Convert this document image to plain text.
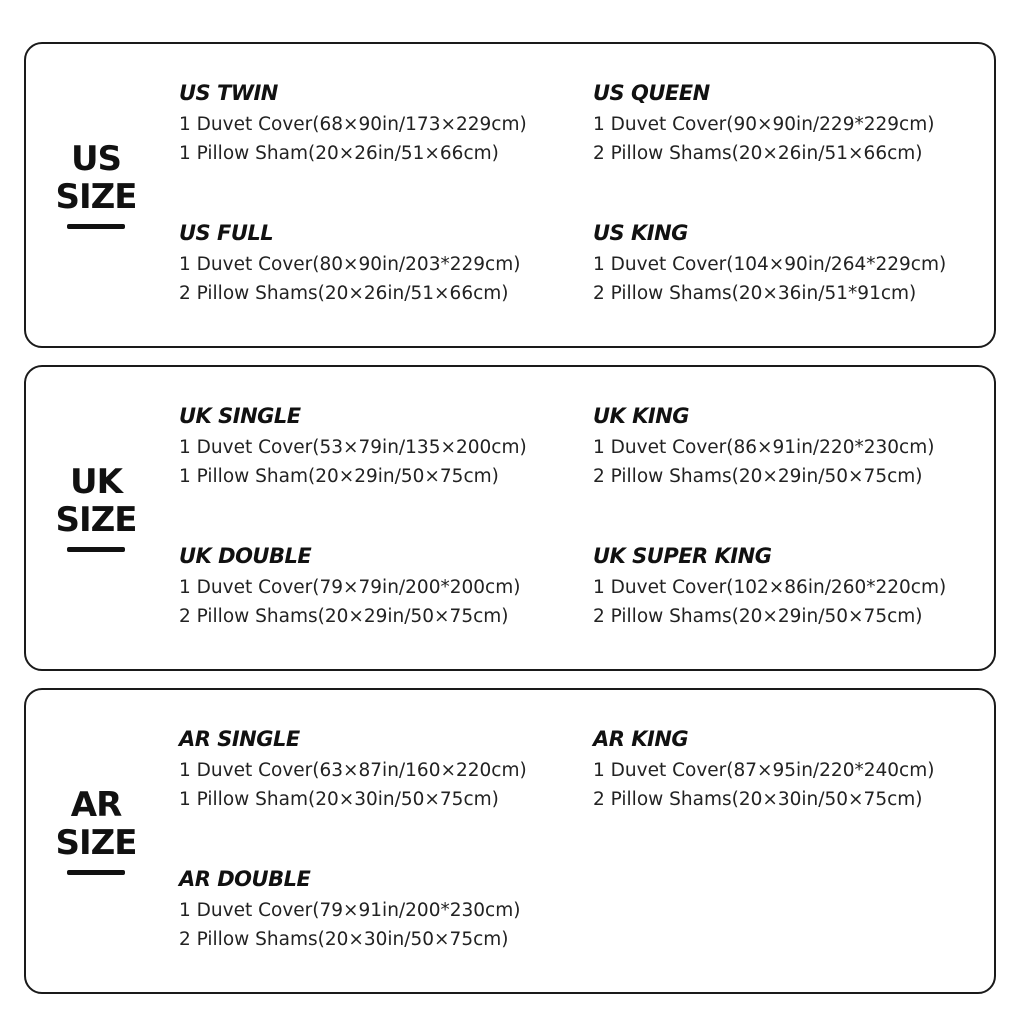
US
SIZE
US TWIN
1 Duvet Cover(68×90in/173×229cm)
1 Pillow Sham(20×26in/51×66cm)
US QUEEN
1 Duvet Cover(90×90in/229*229cm)
2 Pillow Shams(20×26in/51×66cm)
US FULL
1 Duvet Cover(80×90in/203*229cm)
2 Pillow Shams(20×26in/51×66cm)
US KING
1 Duvet Cover(104×90in/264*229cm)
2 Pillow Shams(20×36in/51*91cm)
UK
SIZE
UK SINGLE
1 Duvet Cover(53×79in/135×200cm)
1 Pillow Sham(20×29in/50×75cm)
UK KING
1 Duvet Cover(86×91in/220*230cm)
2 Pillow Shams(20×29in/50×75cm)
UK DOUBLE
1 Duvet Cover(79×79in/200*200cm)
2 Pillow Shams(20×29in/50×75cm)
UK SUPER KING
1 Duvet Cover(102×86in/260*220cm)
2 Pillow Shams(20×29in/50×75cm)
AR
SIZE
AR SINGLE
1 Duvet Cover(63×87in/160×220cm)
1 Pillow Sham(20×30in/50×75cm)
AR KING
1 Duvet Cover(87×95in/220*240cm)
2 Pillow Shams(20×30in/50×75cm)
AR DOUBLE
1 Duvet Cover(79×91in/200*230cm)
2 Pillow Shams(20×30in/50×75cm)
